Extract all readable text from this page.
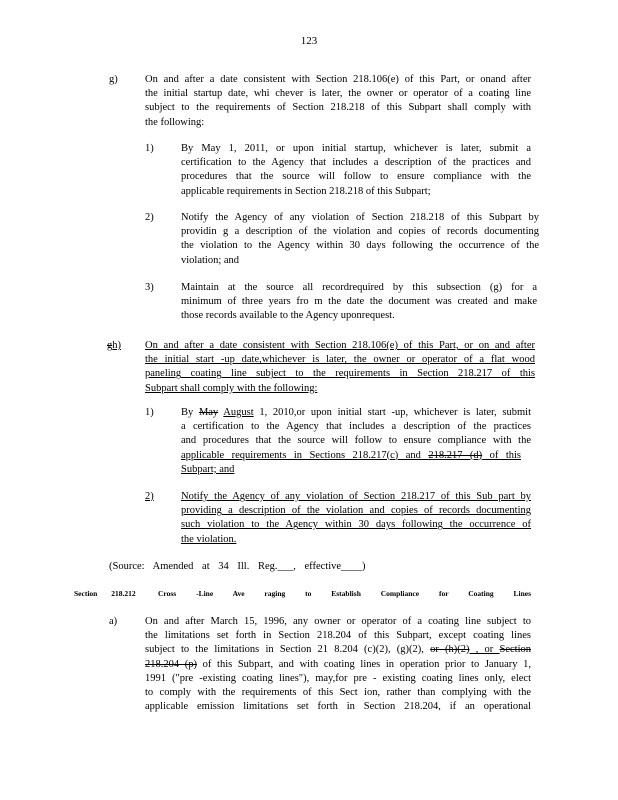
123
g)	On and after a date consistent with Section 218.106(e) of this Part, or onand after
the initial startup date, whi chever is later, the owner or operator of a coating line
subject to the requirements of Section 218.218 of this Subpart shall comply with
the following:
1)	By May 1, 2011, or upon initial startup, whichever is later, submit a
certification to the Agency that includes a description of the practices and
procedures that the source will follow to ensure compliance with the
applicable requirements in Section 218.218 of this Subpart;
2)	Notify the Agency of any violation of Section 218.218 of this Subpart by
providin g a description of the violation and copies of records documenting
the violation to the Agency within 30 days following the occurrence of the
violation; and
3)	Maintain at the source all recordrequired by this subsection (g) for a
minimum of three years fro m the date the document was created and make
those records available to the Agency uponrequest.
gh) On and after a date consistent with Section 218.106(e) of this Part, or on and after
the initial start -up date,whichever is later, the owner or operator of a flat wood
paneling coating line subject to the requirements in Section 218.217 of this
Subpart shall comply with the following:
1)	By May August 1, 2010,or upon initial start -up, whichever is later, submit
a certification to the Agency that includes a description of the practices
and procedures that the source will follow to ensure compliance with the
applicable requirements in Sections 218.217(c) and 218.217 (d) of this
Subpart; and
2)	Notify the Agency of any violation of Section 218.217 of this Sub part by
providing a description of the violation and copies of records documenting
such violation to the Agency within 30 days following the occurrence of
the violation.
(Source: Amended at 34 Ill. Reg.___, effective____)
Section 218.212	Cross -Line Ave raging to Establish Compliance for Coating Lines
a)	On and after March 15, 1996, any owner or operator of a coating line subject to
the limitations set forth in Section 218.204 of this Subpart, except coating lines
subject to the limitations in Section 21 8.204 (c)(2), (g)(2), or (h)(2) , or Section
218.204 (p) of this Subpart, and with coating lines in operation prior to January 1,
1991 ("pre -existing coating lines"), may,for pre - existing coating lines only, elect
to comply with the requirements of this Sect ion, rather than complying with the
applicable emission limitations set forth in Section 218.204, if an operational
